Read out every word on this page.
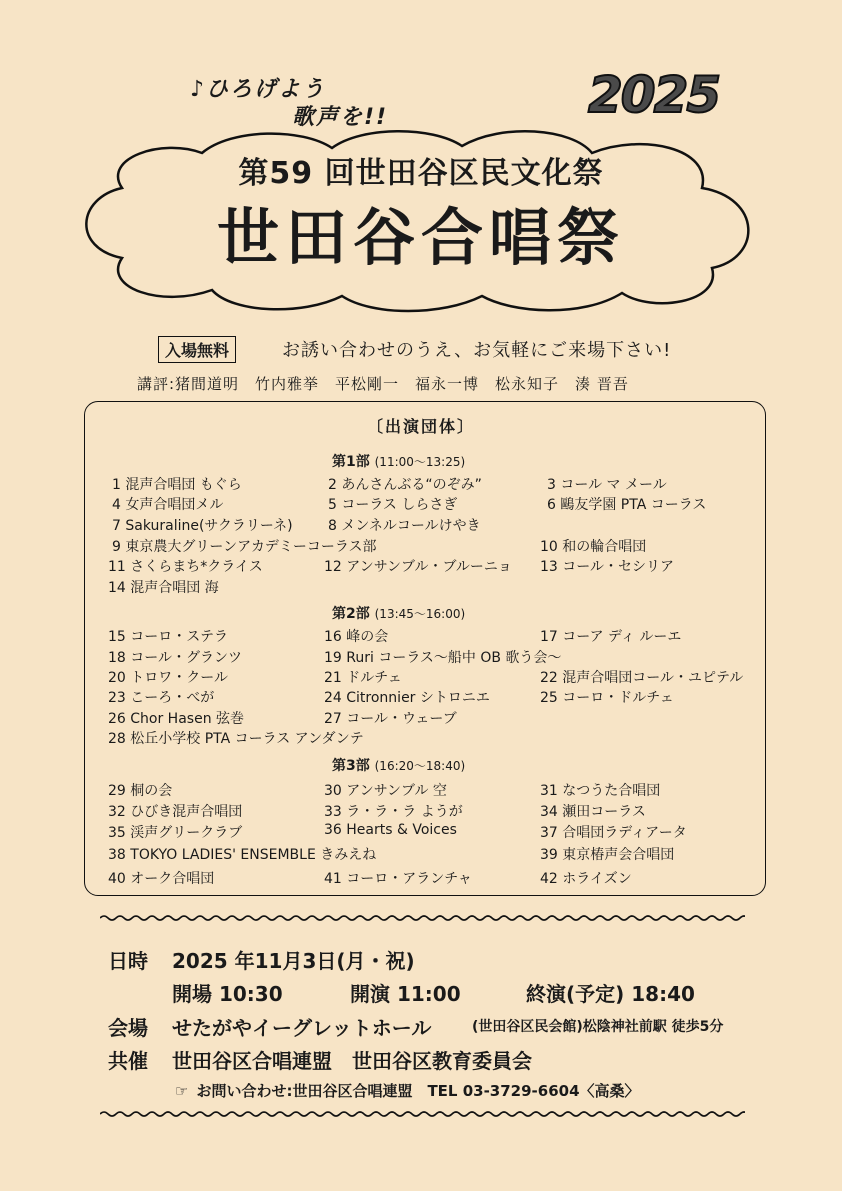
♪ひろげよう
歌声を!!	2025
第59 回世田谷区民文化祭
世田谷合唱祭
入場無料	お誘い合わせのうえ、お気軽にご来場下さい!
講評:猪間道明　竹内雅挙　平松剛一　福永一博　松永知子　湊 晋吾
〔出演団体〕
第1部 (11:00〜13:25)
1 混声合唱団 もぐら	2 あんさんぶる“のぞみ”	3 コール マ メール
4 女声合唱団メル	5 コーラス しらさぎ	6 鷗友学園 PTA コーラス
7 Sakuraline(サクラリーネ)	8 メンネルコールけやき
9 東京農大グリーンアカデミーコーラス部	10 和の輪合唱団
11 さくらまち*クライス	12 アンサンブル・ブルーニョ 13 コール・セシリア
14 混声合唱団 海
第2部 (13:45〜16:00)
15 コーロ・ステラ	16 峰の会	17 コーア ディ ルーエ
18 コール・グランツ	19 Ruri コーラス〜船中 OB 歌う会〜
20 トロワ・クール	21 ドルチェ	22 混声合唱団コール・ユピテル
23 こーろ・べが	24 Citronnier シトロニエ	25 コーロ・ドルチェ
26 Chor Hasen 弦巻	27 コール・ウェーブ
28 松丘小学校 PTA コーラス アンダンテ
第3部 (16:20〜18:40)
29 桐の会	30 アンサンブル 空	31 なつうた合唱団
32 ひびき混声合唱団	33 ラ・ラ・ラ ようが	34 瀬田コーラス
35 渓声グリークラブ	36 Hearts & Voices	37 合唱団ラディアータ
38 TOKYO LADIES' ENSEMBLE きみえね	39 東京椿声会合唱団
40 オーク合唱団	41 コーロ・アランチャ	42 ホライズン
日時 2025 年11月3日(月・祝)
開場 10:30	開演 11:00	終演(予定) 18:40
会場 せたがやイーグレットホール	(世田谷区民会館)松陰神社前駅 徒歩5分
共催 世田谷区合唱連盟　世田谷区教育委員会
☞ お問い合わせ:世田谷区合唱連盟　TEL 03-3729-6604〈高桑〉
